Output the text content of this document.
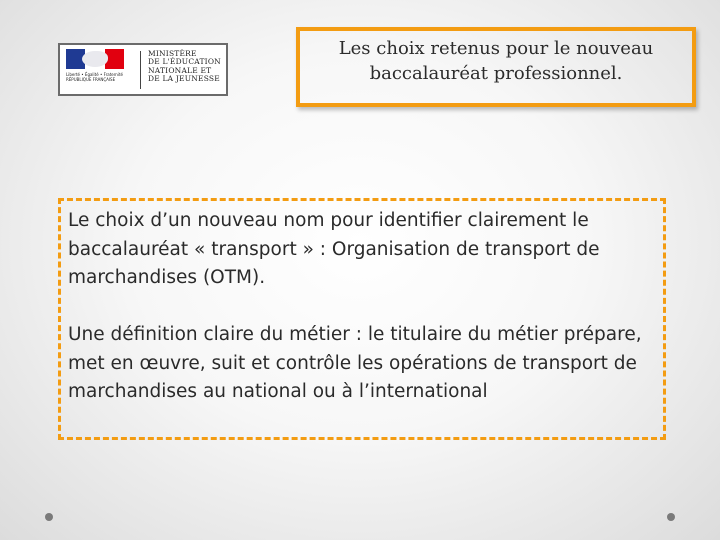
Liberté • Égalité • Fraternité
RÉPUBLIQUE FRANÇAISE
MINISTÈRE
DE L'ÉDUCATION
NATIONALE ET
DE LA JEUNESSE
Les choix retenus pour le nouveau
baccalauréat professionnel.

Le choix d’un nouveau nom pour identifier clairement le baccalauréat « transport » : Organisation de transport de marchandises (OTM).

Une définition claire du métier : le titulaire du métier prépare, met en œuvre, suit et contrôle les opérations de transport de marchandises au national ou à l’international
